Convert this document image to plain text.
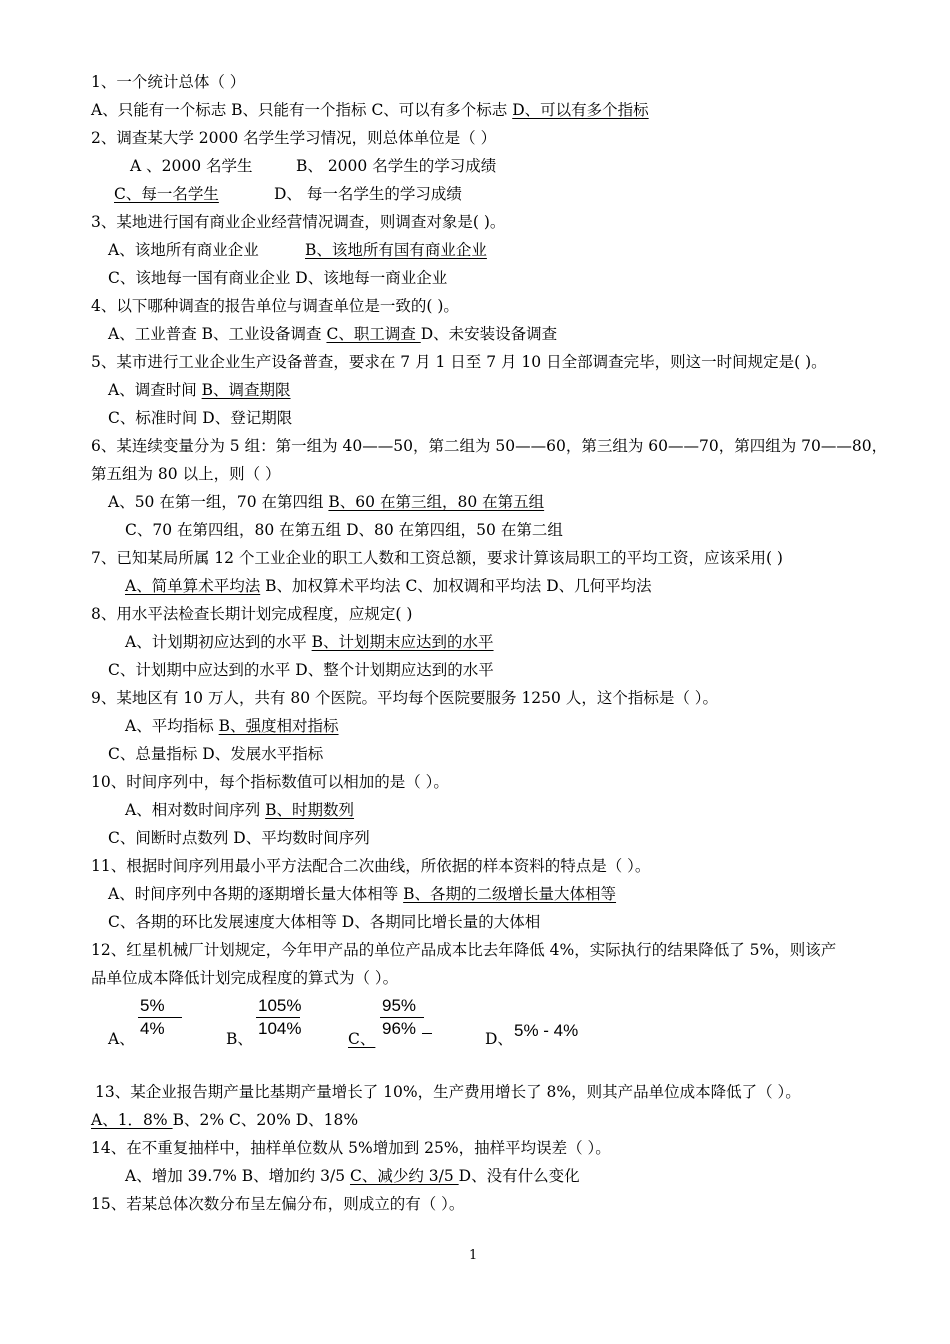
1、一个统计总体（ ）
A、只能有一个标志 B、只能有一个指标 C、可以有多个标志 D、可以有多个指标
2、调查某大学 2000 名学生学习情况，则总体单位是（ ）
A 、2000 名学生	B、 2000 名学生的学习成绩
C、每一名学生	D、 每一名学生的学习成绩
3、某地进行国有商业企业经营情况调查，则调查对象是( )。
A、该地所有商业企业	B、该地所有国有商业企业
C、该地每一国有商业企业 D、该地每一商业企业
4、以下哪种调查的报告单位与调查单位是一致的( )。
A、工业普查 B、工业设备调查 C、职工调查 D、未安装设备调查
5、某市进行工业企业生产设备普查，要求在 7 月 1 日至 7 月 10 日全部调查完毕，则这一时间规定是( )。
A、调查时间 B、调查期限
C、标准时间 D、登记期限
6、某连续变量分为 5 组：第一组为 40——50，第二组为 50——60，第三组为 60——70，第四组为 70——80，
第五组为 80 以上，则（ ）
A、50 在第一组，70 在第四组 B、60 在第三组，80 在第五组
C、70 在第四组，80 在第五组 D、80 在第四组，50 在第二组
7、已知某局所属 12 个工业企业的职工人数和工资总额，要求计算该局职工的平均工资，应该采用( )
A、简单算术平均法 B、加权算术平均法 C、加权调和平均法 D、几何平均法
8、用水平法检查长期计划完成程度，应规定( )
A、计划期初应达到的水平 B、计划期末应达到的水平
C、计划期中应达到的水平 D、整个计划期应达到的水平
9、某地区有 10 万人，共有 80 个医院。平均每个医院要服务 1250 人，这个指标是（ ）。
A、平均指标 B、强度相对指标
C、总量指标 D、发展水平指标
10、时间序列中，每个指标数值可以相加的是（ ）。
A、相对数时间序列 B、时期数列
C、间断时点数列 D、平均数时间序列
11、根据时间序列用最小平方法配合二次曲线，所依据的样本资料的特点是（ ）。
A、时间序列中各期的逐期增长量大体相等 B、各期的二级增长量大体相等
C、各期的环比发展速度大体相等 D、各期同比增长量的大体相
12、红星机械厂计划规定，今年甲产品的单位产品成本比去年降低 4%，实际执行的结果降低了 5%，则该产
品单位成本降低计划完成程度的算式为（ ）。
A、 $\frac{5\%}{4\%}$ B、 $\frac{105\%}{104\%}$ C、 $\frac{95\%}{96\%}$	D、 5% - 4%
13、某企业报告期产量比基期产量增长了 10%，生产费用增长了 8%，则其产品单位成本降低了（ ）。
A、1．8% B、2% C、20% D、18%
14、在不重复抽样中，抽样单位数从 5%增加到 25%，抽样平均误差（ ）。
A、增加 39.7% B、增加约 3/5 C、减少约 3/5 D、没有什么变化
15、若某总体次数分布呈左偏分布，则成立的有（ ）。
1
